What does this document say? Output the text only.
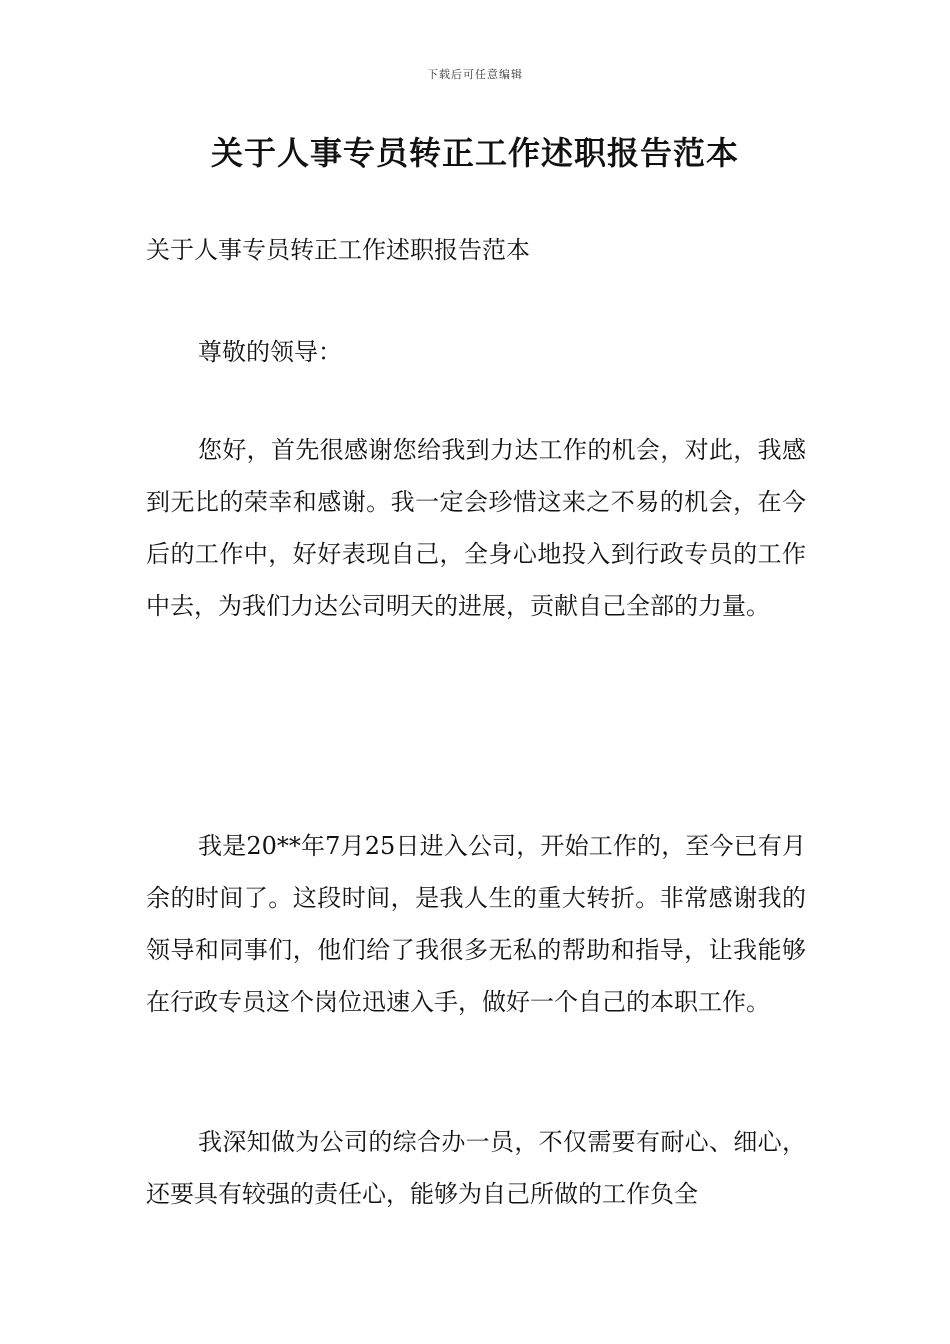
下载后可任意编辑
关于人事专员转正工作述职报告范本
关于人事专员转正工作述职报告范本
尊敬的领导：

您好，首先很感谢您给我到力达工作的机会，对此，我感到无比的荣幸和感谢。我一定会珍惜这来之不易的机会，在今后的工作中，好好表现自己，全身心地投入到行政专员的工作中去，为我们力达公司明天的进展，贡献自己全部的力量。

我是20**年7月25日进入公司，开始工作的，至今已有月余的时间了。这段时间，是我人生的重大转折。非常感谢我的领导和同事们，他们给了我很多无私的帮助和指导，让我能够在行政专员这个岗位迅速入手，做好一个自己的本职工作。

我深知做为公司的综合办一员，不仅需要有耐心、细心，还要具有较强的责任心，能够为自己所做的工作负全
